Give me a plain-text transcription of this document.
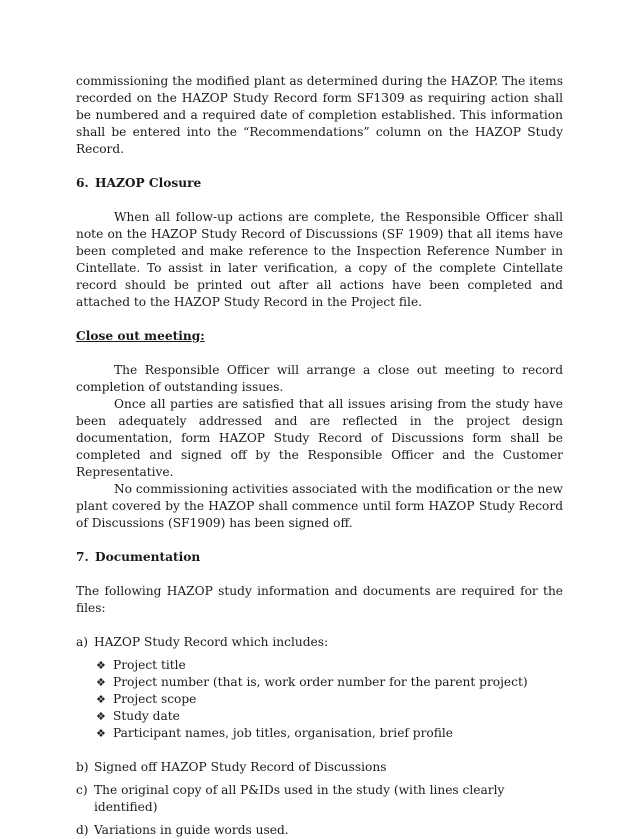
commissioning the modified plant as determined during the HAZOP. The items recorded on the HAZOP Study Record form SF1309 as requiring action shall be numbered and a required date of completion established. This information shall be entered into the “Recommendations” column on the HAZOP Study Record.

6. HAZOP Closure

When all follow-up actions are complete, the Responsible Officer shall note on the HAZOP Study Record of Discussions (SF 1909) that all items have been completed and make reference to the Inspection Reference Number in Cintellate. To assist in later verification, a copy of the complete Cintellate record should be printed out after all actions have been completed and attached to the HAZOP Study Record in the Project file.

Close out meeting:

The Responsible Officer will arrange a close out meeting to record completion of outstanding issues.

Once all parties are satisfied that all issues arising from the study have been adequately addressed and are reflected in the project design documentation, form HAZOP Study Record of Discussions form shall be completed and signed off by the Responsible Officer and the Customer Representative.

No commissioning activities associated with the modification or the new plant covered by the HAZOP shall commence until form HAZOP Study Record of Discussions (SF1909) has been signed off.

7. Documentation

The following HAZOP study information and documents are required for the files:

a) HAZOP Study Record which includes:
❖ Project title
❖ Project number (that is, work order number for the parent project)
❖ Project scope
❖ Study date
❖ Participant names, job titles, organisation, brief profile
b) Signed off HAZOP Study Record of Discussions
c) The original copy of all P&IDs used in the study (with lines clearly identified)
d) Variations in guide words used.
